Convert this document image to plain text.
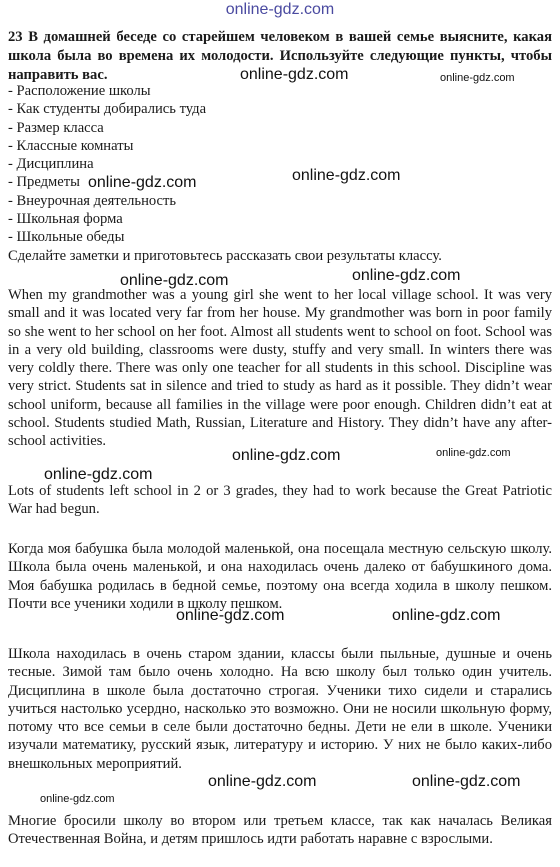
online-gdz.com
23 В домашней беседе со старейшем человеком в вашей семье выясните, какая школа была во времена их молодости. Используйте следующие пункты, чтобы направить вас.
- Расположение школы
- Как студенты добирались туда
- Размер класса
- Классные комнаты
- Дисциплина
- Предметы
- Внеурочная деятельность
- Школьная форма
- Школьные обеды
Сделайте заметки и приготовьтесь рассказать свои результаты классу.

When my grandmother was a young girl she went to her local village school. It was very small and it was located very far from her house. My grandmother was born in poor family so she went to her school on her foot. Almost all students went to school on foot. School was in a very old building, classrooms were dusty, stuffy and very small. In winters there was very coldly there. There was only one teacher for all students in this school. Discipline was very strict. Students sat in silence and tried to study as hard as it possible. They didn’t wear school uniform, because all families in the village were poor enough. Children didn’t eat at school. Students studied Math, Russian, Literature and History. They didn’t have any after-school activities.

Lots of students left school in 2 or 3 grades, they had to work because the Great Patriotic War had begun.

Когда моя бабушка была молодой маленькой, она посещала местную сельскую школу. Школа была очень маленькой, и она находилась очень далеко от бабушкиного дома. Моя бабушка родилась в бедной семье, поэтому она всегда ходила в школу пешком. Почти все ученики ходили в школу пешком.

Школа находилась в очень старом здании, классы были пыльные, душные и очень тесные. Зимой там было очень холодно. На всю школу был только один учитель. Дисциплина в школе была достаточно строгая. Ученики тихо сидели и старались учиться настолько усердно, насколько это возможно. Они не носили школьную форму, потому что все семьи в селе были достаточно бедны. Дети не ели в школе. Ученики изучали математику, русский язык, литературу и историю. У них не было каких-либо внешкольных мероприятий.

Многие бросили школу во втором или третьем классе, так как началась Великая Отечественная Война, и детям пришлось идти работать наравне с взрослыми.

online-gdz.com	online-gdz.com
online-gdz.com	online-gdz.com
online-gdz.com	online-gdz.com
online-gdz.com	online-gdz.com
online-gdz.com
online-gdz.com	online-gdz.com
online-gdz.com	online-gdz.com
online-gdz.com
